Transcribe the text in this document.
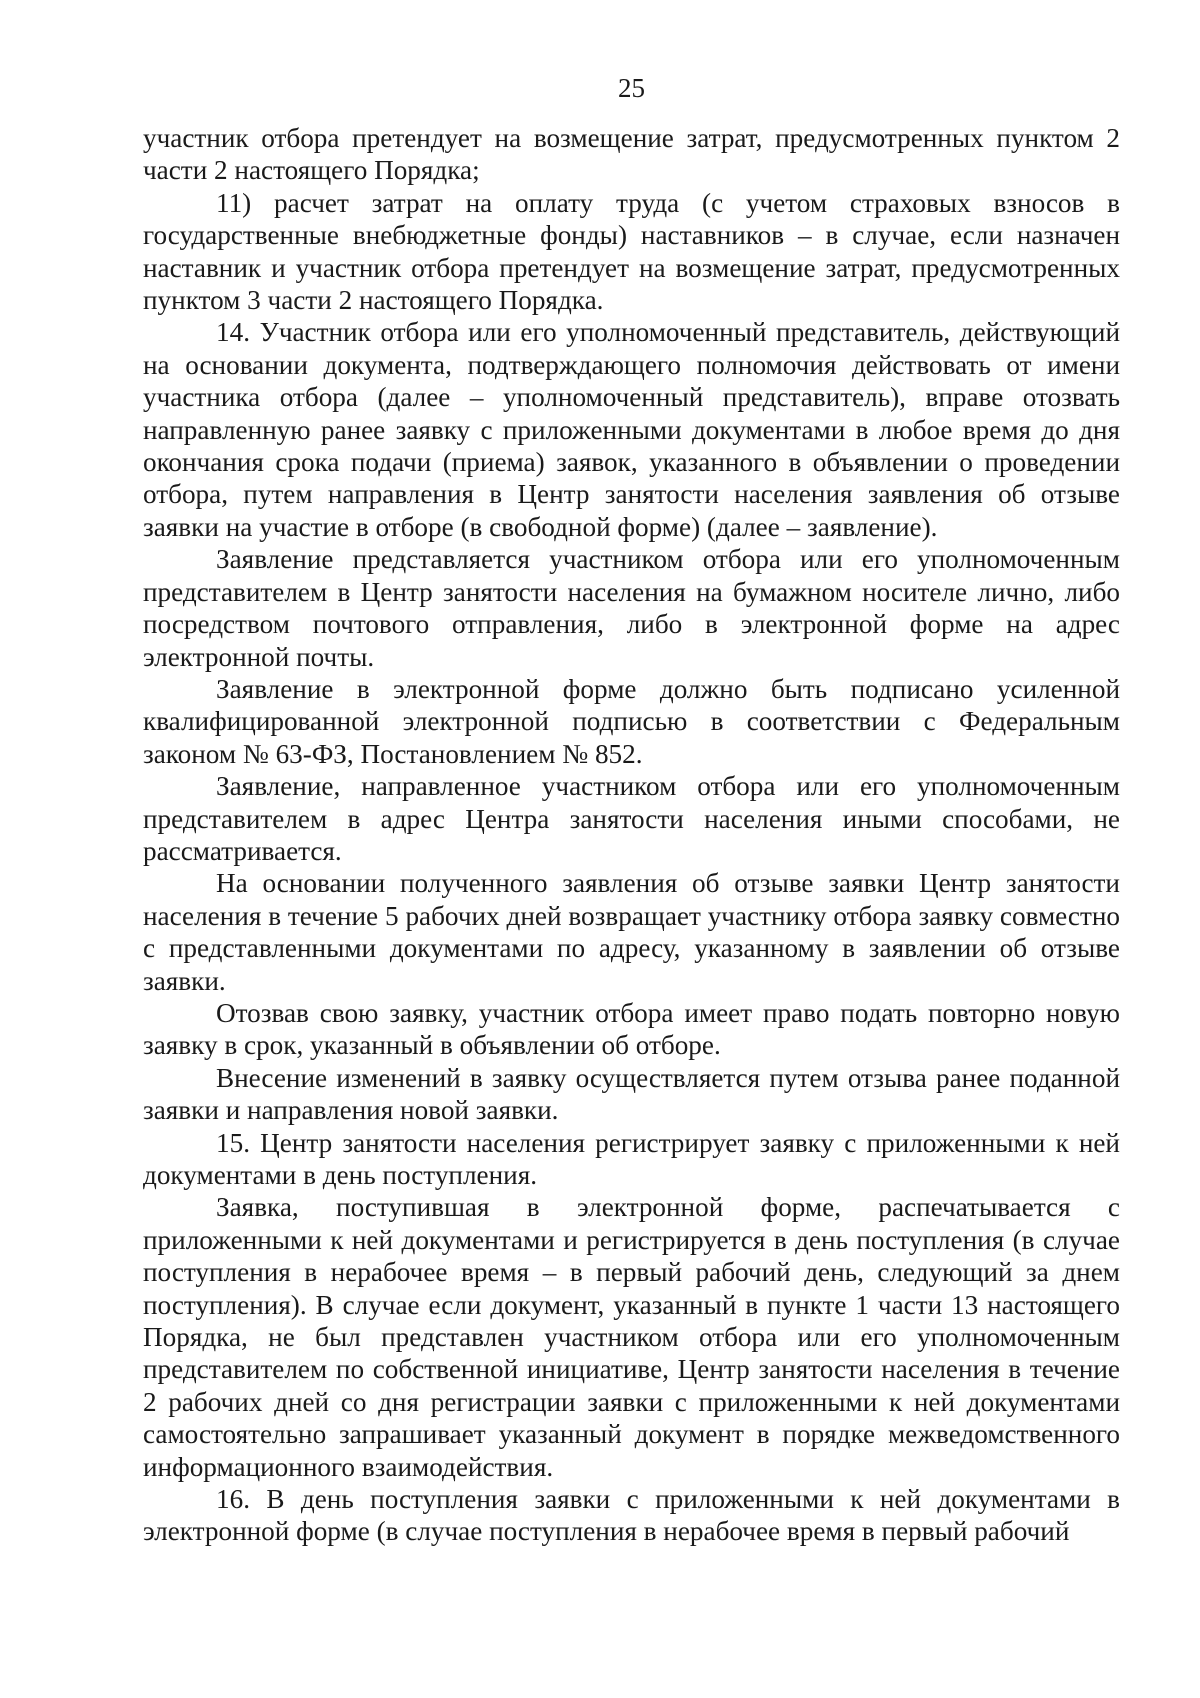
25

участник отбора претендует на возмещение затрат, предусмотренных пунктом 2 части 2 настоящего Порядка;

11) расчет затрат на оплату труда (с учетом страховых взносов в государственные внебюджетные фонды) наставников – в случае, если назначен наставник и участник отбора претендует на возмещение затрат, предусмотренных пунктом 3 части 2 настоящего Порядка.

14. Участник отбора или его уполномоченный представитель, действующий на основании документа, подтверждающего полномочия действовать от имени участника отбора (далее – уполномоченный представитель), вправе отозвать направленную ранее заявку с приложенными документами в любое время до дня окончания срока подачи (приема) заявок, указанного в объявлении о проведении отбора, путем направления в Центр занятости населения заявления об отзыве заявки на участие в отборе (в свободной форме) (далее – заявление).

Заявление представляется участником отбора или его уполномоченным представителем в Центр занятости населения на бумажном носителе лично, либо посредством почтового отправления, либо в электронной форме на адрес электронной почты.

Заявление в электронной форме должно быть подписано усиленной квалифицированной электронной подписью в соответствии с Федеральным законом № 63-ФЗ, Постановлением № 852.

Заявление, направленное участником отбора или его уполномоченным представителем в адрес Центра занятости населения иными способами, не рассматривается.

На основании полученного заявления об отзыве заявки Центр занятости населения в течение 5 рабочих дней возвращает участнику отбора заявку совместно с представленными документами по адресу, указанному в заявлении об отзыве заявки.

Отозвав свою заявку, участник отбора имеет право подать повторно новую заявку в срок, указанный в объявлении об отборе.

Внесение изменений в заявку осуществляется путем отзыва ранее поданной заявки и направления новой заявки.

15. Центр занятости населения регистрирует заявку с приложенными к ней документами в день поступления.

Заявка, поступившая в электронной форме, распечатывается с приложенными к ней документами и регистрируется в день поступления (в случае поступления в нерабочее время – в первый рабочий день, следующий за днем поступления). В случае если документ, указанный в пункте 1 части 13 настоящего Порядка, не был представлен участником отбора или его уполномоченным представителем по собственной инициативе, Центр занятости населения в течение 2 рабочих дней со дня регистрации заявки с приложенными к ней документами самостоятельно запрашивает указанный документ в порядке межведомственного информационного взаимодействия.

16. В день поступления заявки с приложенными к ней документами в электронной форме (в случае поступления в нерабочее время в первый рабочий
